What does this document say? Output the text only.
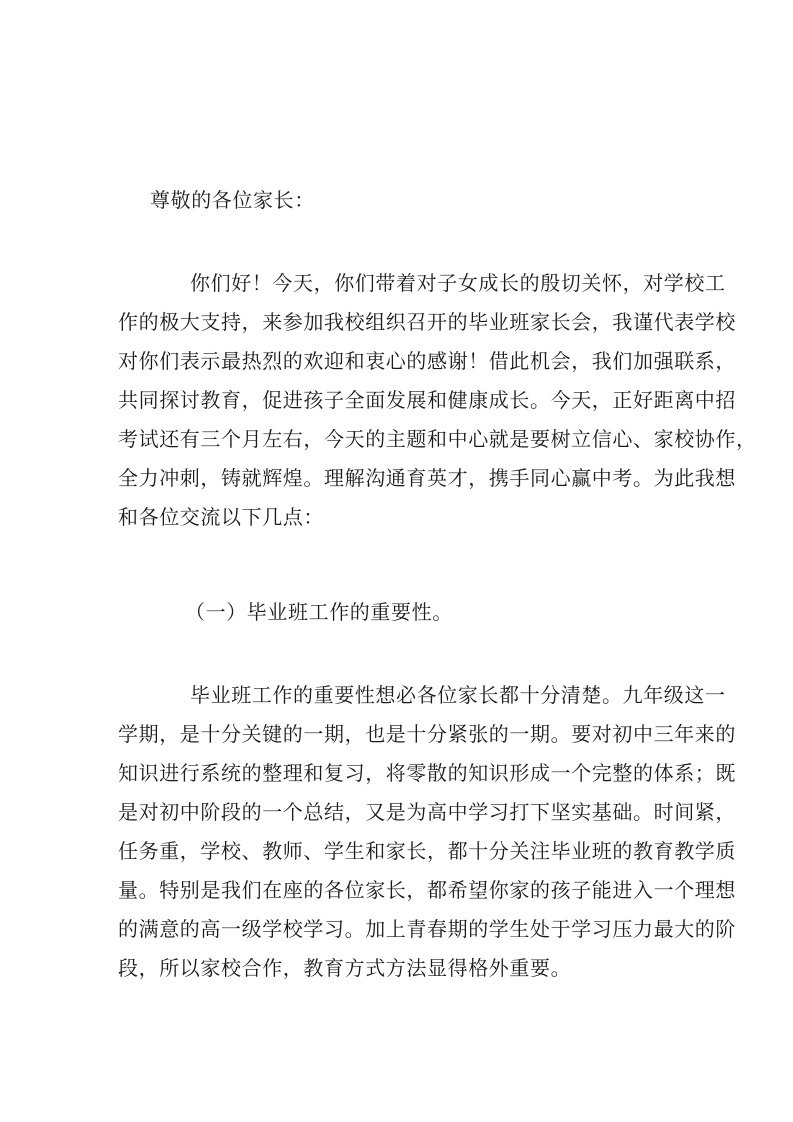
尊敬的各位家长：
你们好！今天，你们带着对子女成长的殷切关怀，对学校工
作的极大支持，来参加我校组织召开的毕业班家长会，我谨代表学校
对你们表示最热烈的欢迎和衷心的感谢！借此机会，我们加强联系，
共同探讨教育，促进孩子全面发展和健康成长。今天，正好距离中招
考试还有三个月左右，今天的主题和中心就是要树立信心、家校协作，
全力冲刺，铸就辉煌。理解沟通育英才，携手同心赢中考。为此我想
和各位交流以下几点：
（一）毕业班工作的重要性。
毕业班工作的重要性想必各位家长都十分清楚。九年级这一
学期，是十分关键的一期，也是十分紧张的一期。要对初中三年来的
知识进行系统的整理和复习，将零散的知识形成一个完整的体系；既
是对初中阶段的一个总结，又是为高中学习打下坚实基础。时间紧，
任务重，学校、教师、学生和家长，都十分关注毕业班的教育教学质
量。特别是我们在座的各位家长，都希望你家的孩子能进入一个理想
的满意的高一级学校学习。加上青春期的学生处于学习压力最大的阶
段，所以家校合作，教育方式方法显得格外重要。
